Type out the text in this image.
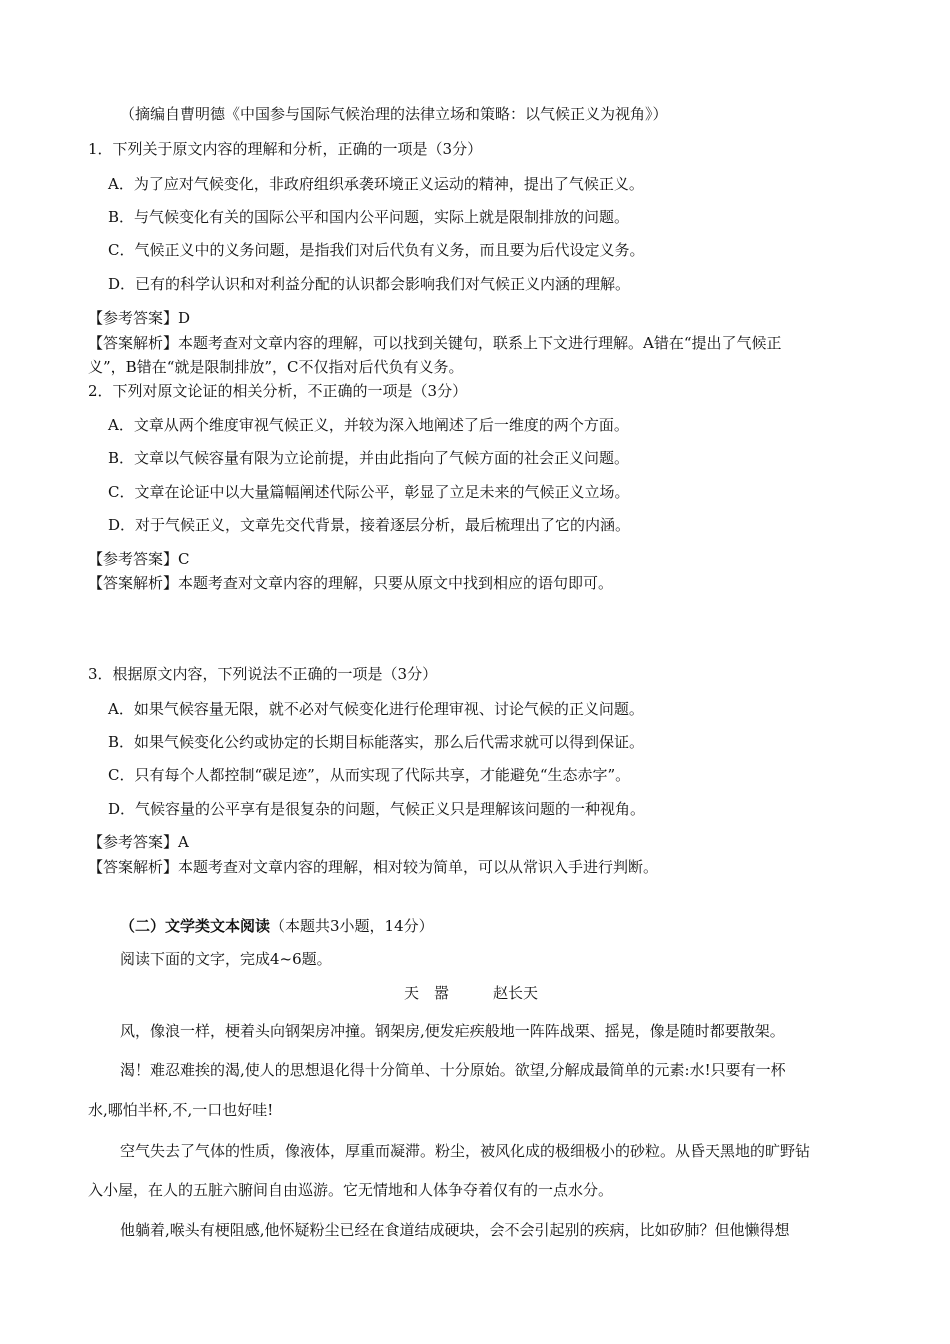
（摘编自曹明德《中国参与国际气候治理的法律立场和策略：以气候正义为视角》）
1．下列关于原文内容的理解和分析，正确的一项是（3分）
A．为了应对气候变化，非政府组织承袭环境正义运动的精神，提出了气候正义。
B．与气候变化有关的国际公平和国内公平问题，实际上就是限制排放的问题。
C．气候正义中的义务问题，是指我们对后代负有义务，而且要为后代设定义务。
D．已有的科学认识和对利益分配的认识都会影响我们对气候正义内涵的理解。
【参考答案】D
【答案解析】本题考查对文章内容的理解，可以找到关键句，联系上下文进行理解。A错在“提出了气候正
义”，B错在“就是限制排放”，C不仅指对后代负有义务。
2．下列对原文论证的相关分析，不正确的一项是（3分）
A．文章从两个维度审视气候正义，并较为深入地阐述了后一维度的两个方面。
B．文章以气候容量有限为立论前提，并由此指向了气候方面的社会正义问题。
C．文章在论证中以大量篇幅阐述代际公平，彰显了立足未来的气候正义立场。
D．对于气候正义，文章先交代背景，接着逐层分析，最后梳理出了它的内涵。
【参考答案】C
【答案解析】本题考查对文章内容的理解，只要从原文中找到相应的语句即可。
3．根据原文内容，下列说法不正确的一项是（3分）
A．如果气候容量无限，就不必对气候变化进行伦理审视、讨论气候的正义问题。
B．如果气候变化公约或协定的长期目标能落实，那么后代需求就可以得到保证。
C．只有每个人都控制“碳足迹”，从而实现了代际共享，才能避免“生态赤字”。
D．气候容量的公平享有是很复杂的问题，气候正义只是理解该问题的一种视角。
【参考答案】A
【答案解析】本题考查对文章内容的理解，相对较为简单，可以从常识入手进行判断。
（二）文学类文本阅读（本题共3小题，14分）
阅读下面的文字，完成4~6题。
天　嚣	赵长天
风，像浪一样，梗着头向钢架房冲撞。钢架房,便发疟疾般地一阵阵战栗、摇晃，像是随时都要散架。
渴！难忍难挨的渴,使人的思想退化得十分简单、十分原始。欲望,分解成最简单的元素:水!只要有一杯
水,哪怕半杯,不,一口也好哇!
空气失去了气体的性质，像液体，厚重而凝滞。粉尘，被风化成的极细极小的砂粒。从昏天黑地的旷野钻
入小屋，在人的五脏六腑间自由巡游。它无情地和人体争夺着仅有的一点水分。
他躺着,喉头有梗阻感,他怀疑粉尘已经在食道结成硬块，会不会引起别的疾病，比如矽肺？但他懒得想
